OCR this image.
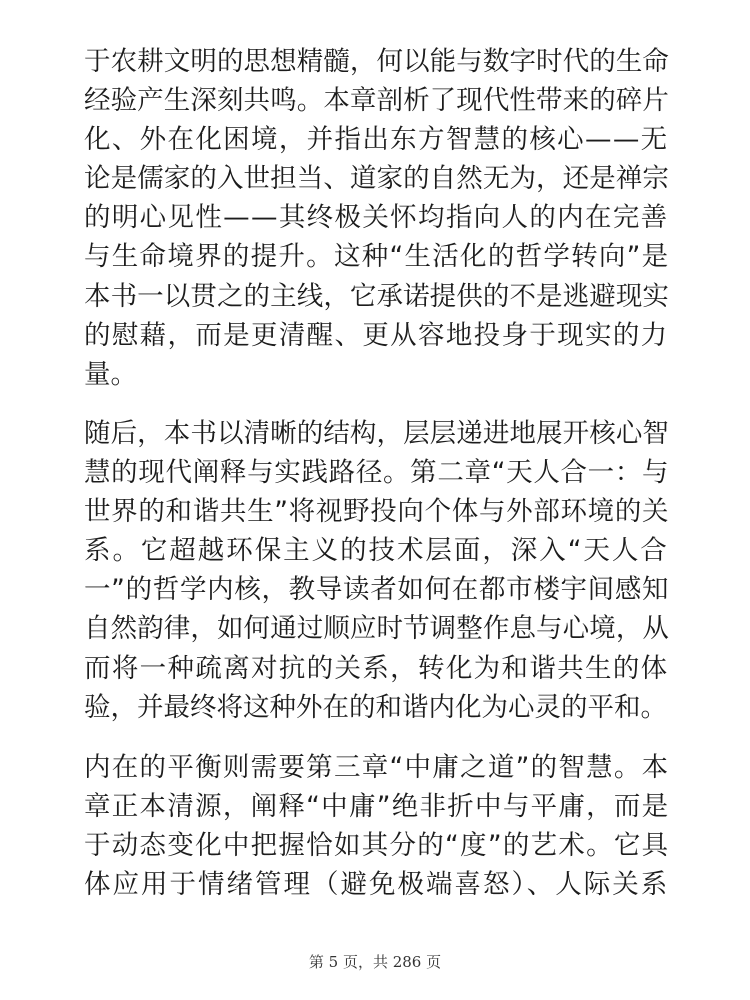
于农耕文明的思想精髓，何以能与数字时代的生命
经验产生深刻共鸣。本章剖析了现代性带来的碎片
化、外在化困境，并指出东方智慧的核心——无
论是儒家的入世担当、道家的自然无为，还是禅宗
的明心见性——其终极关怀均指向人的内在完善
与生命境界的提升。这种“生活化的哲学转向”是
本书一以贯之的主线，它承诺提供的不是逃避现实
的慰藉，而是更清醒、更从容地投身于现实的力
量。
随后，本书以清晰的结构，层层递进地展开核心智
慧的现代阐释与实践路径。第二章“天人合一：与
世界的和谐共生”将视野投向个体与外部环境的关
系。它超越环保主义的技术层面，深入“天人合
一”的哲学内核，教导读者如何在都市楼宇间感知
自然韵律，如何通过顺应时节调整作息与心境，从
而将一种疏离对抗的关系，转化为和谐共生的体
验，并最终将这种外在的和谐内化为心灵的平和。
内在的平衡则需要第三章“中庸之道”的智慧。本
章正本清源，阐释“中庸”绝非折中与平庸，而是
于动态变化中把握恰如其分的“度”的艺术。它具
体应用于情绪管理（避免极端喜怒）、人际关系
第 5 页，共 286 页
